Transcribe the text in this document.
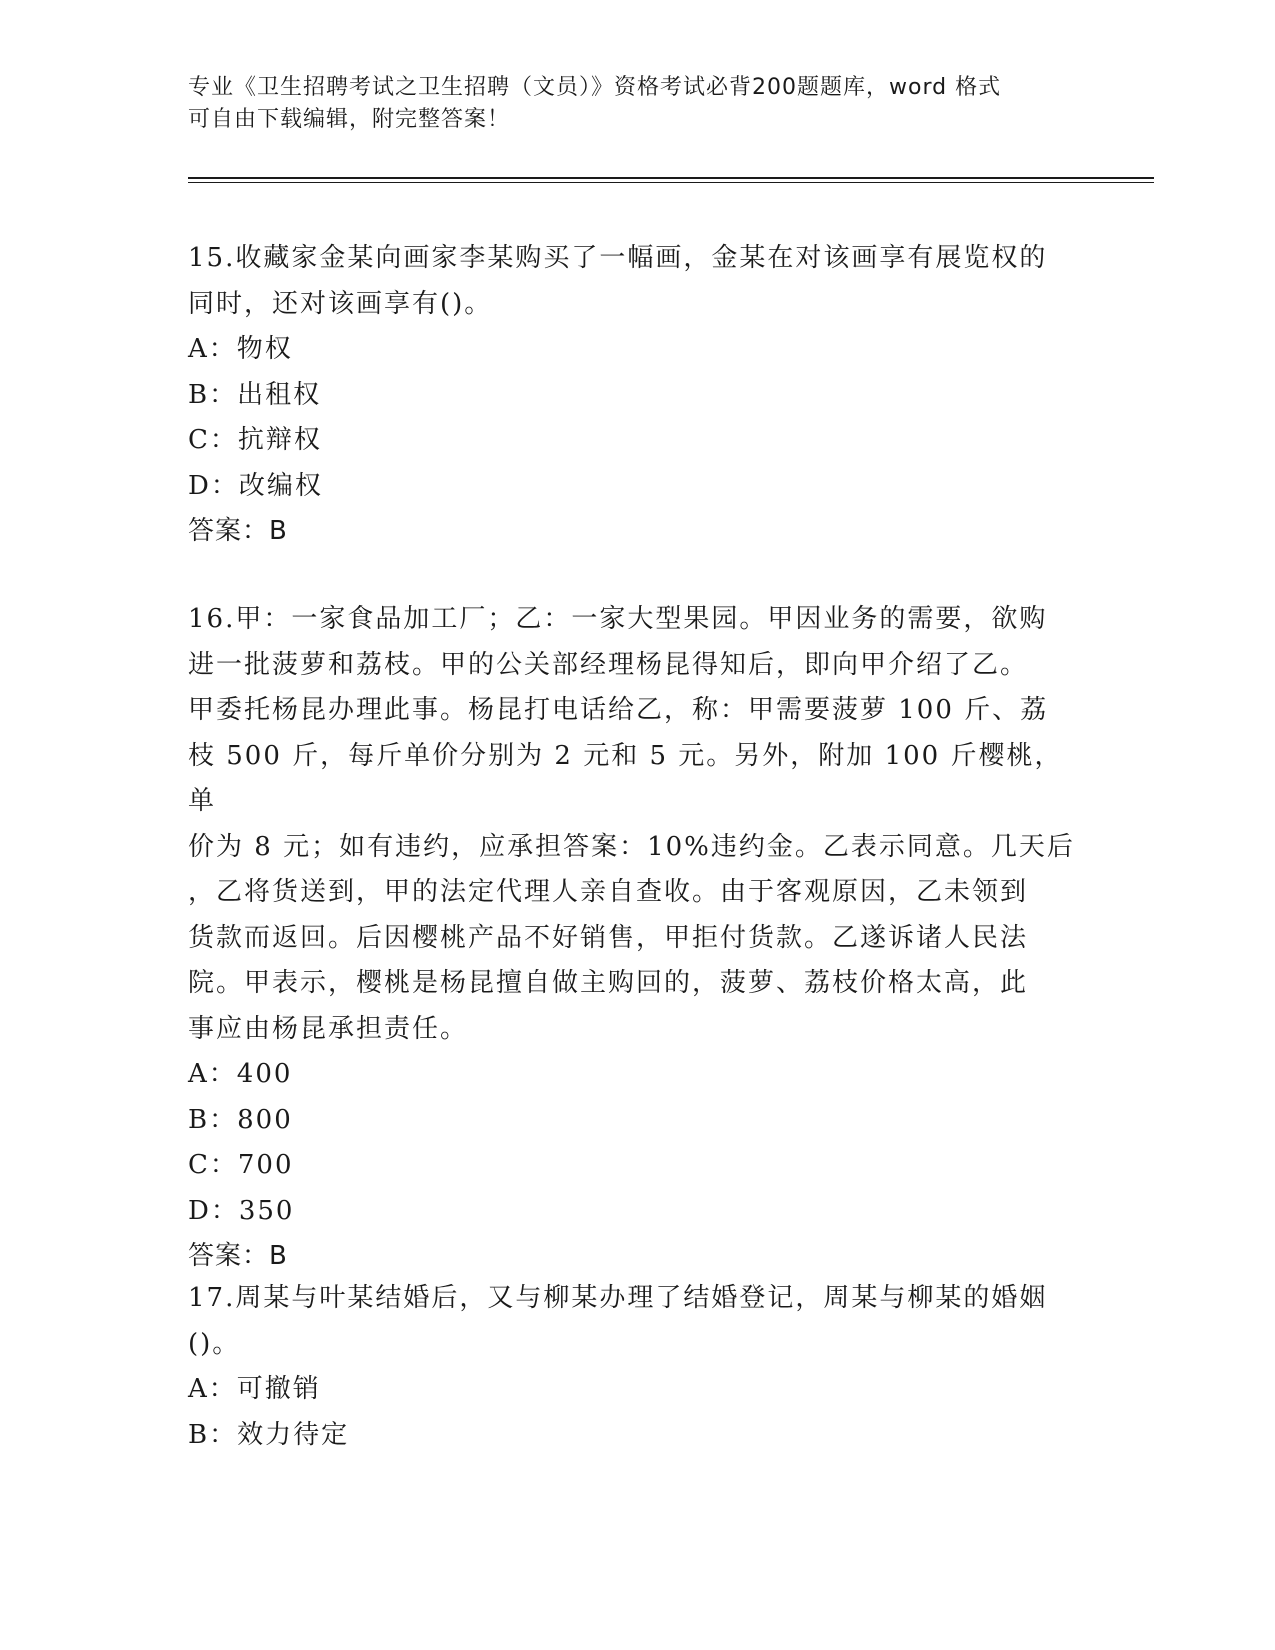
专业《卫生招聘考试之卫生招聘（文员）》资格考试必背200题题库，word 格式
可自由下载编辑，附完整答案！

15.收藏家金某向画家李某购买了一幅画，金某在对该画享有展览权的

同时，还对该画享有()。

A：物权

B：出租权

C：抗辩权

D：改编权

答案：B

16.甲：一家食品加工厂；乙：一家大型果园。甲因业务的需要，欲购

进一批菠萝和荔枝。甲的公关部经理杨昆得知后，即向甲介绍了乙。

甲委托杨昆办理此事。杨昆打电话给乙，称：甲需要菠萝 100 斤、荔

枝 500 斤，每斤单价分别为 2 元和 5 元。另外，附加 100 斤樱桃，单

价为 8 元；如有违约，应承担答案：10%违约金。乙表示同意。几天后

，乙将货送到，甲的法定代理人亲自查收。由于客观原因，乙未领到

货款而返回。后因樱桃产品不好销售，甲拒付货款。乙遂诉诸人民法

院。甲表示，樱桃是杨昆擅自做主购回的，菠萝、荔枝价格太高，此

事应由杨昆承担责任。

A：400

B：800

C：700

D：350

答案：B

17.周某与叶某结婚后，又与柳某办理了结婚登记，周某与柳某的婚姻

()。

A：可撤销

B：效力待定
